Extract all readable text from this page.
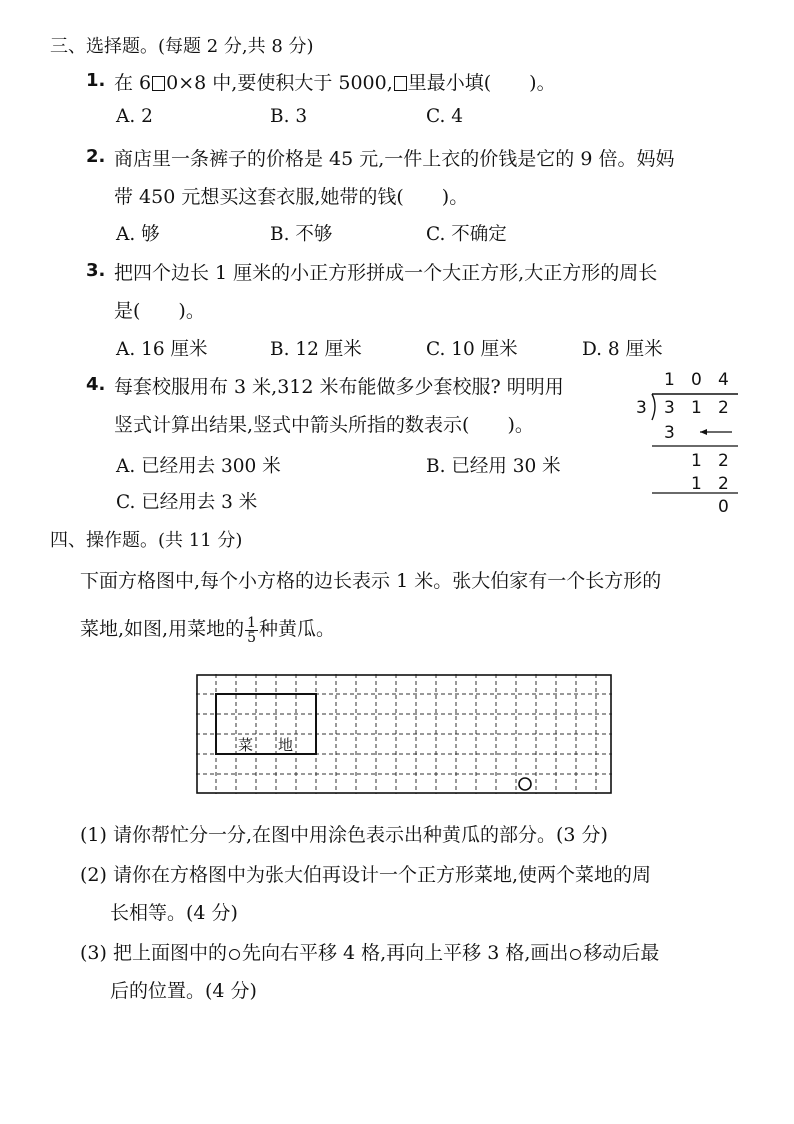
三、选择题。(每题 2 分,共 8 分)
1. 在 6 0×8 中,要使积大于 5000, 里最小填(　　)。
A. 2	B. 3	C. 4
2. 商店里一条裤子的价格是 45 元,一件上衣的价钱是它的 9 倍。妈妈
带 450 元想买这套衣服,她带的钱(　　)。
A. 够	B. 不够	C. 不确定
3. 把四个边长 1 厘米的小正方形拼成一个大正方形,大正方形的周长
是(　　)。
A. 16 厘米	B. 12 厘米	C. 10 厘米	D. 8 厘米
4. 每套校服用布 3 米,312 米布能做多少套校服? 明明用
竖式计算出结果,竖式中箭头所指的数表示(　　)。
A. 已经用去 300 米	B. 已经用 30 米
C. 已经用去 3 米
1 0 4
3 3 1 2
3
1 2
1 2
0
四、操作题。(共 11 分)
下面方格图中,每个小方格的边长表示 1 米。张大伯家有一个长方形的
菜地,如图,用菜地的 $\frac{1}{5}$ 种黄瓜。
菜 地
(1) 请你帮忙分一分,在图中用涂色表示出种黄瓜的部分。(3 分)
(2) 请你在方格图中为张大伯再设计一个正方形菜地,使两个菜地的周
长相等。(4 分)
(3) 把上面图中的 先向右平移 4 格,再向上平移 3 格,画出 移动后最
后的位置。(4 分)
